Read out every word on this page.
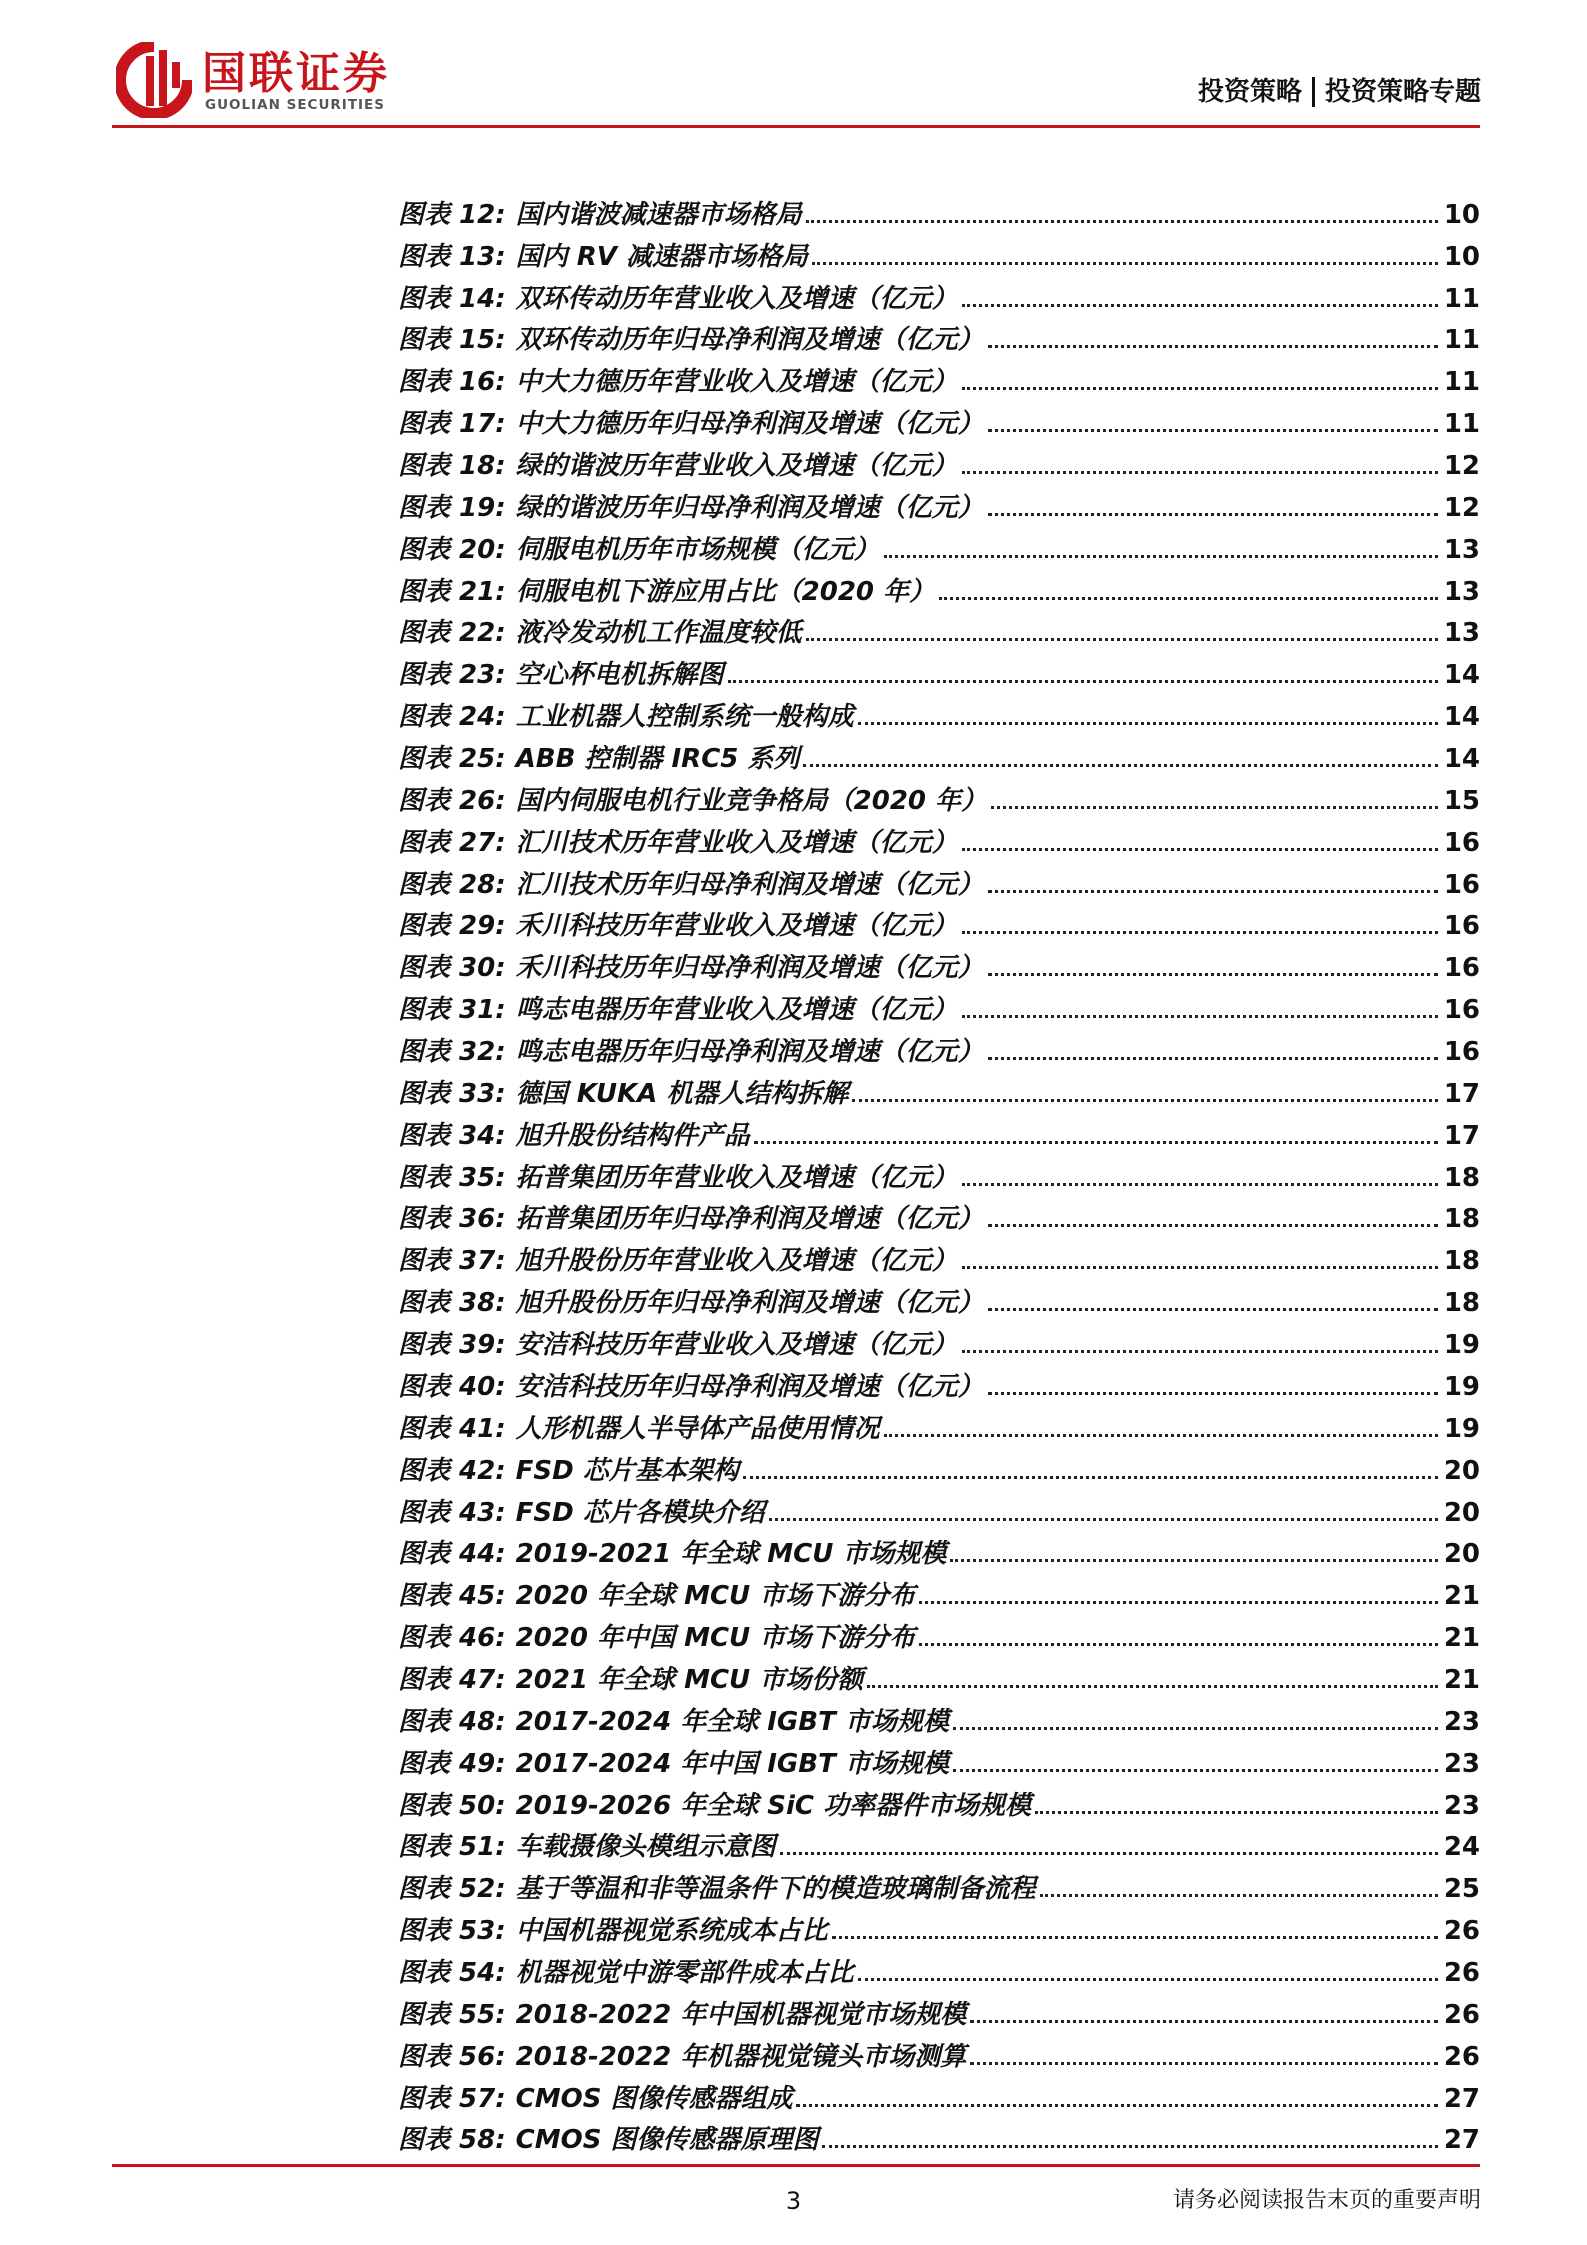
国联证券
GUOLIAN SECURITIES	投资策略 投资策略专题
图表 12: 国内谐波减速器市场格局	10
图表 13: 国内 RV 减速器市场格局	10
图表 14: 双环传动历年营业收入及增速（亿元）	11
图表 15: 双环传动历年归母净利润及增速（亿元）	11
图表 16: 中大力德历年营业收入及增速（亿元）	11
图表 17: 中大力德历年归母净利润及增速（亿元）	11
图表 18: 绿的谐波历年营业收入及增速（亿元）	12
图表 19: 绿的谐波历年归母净利润及增速（亿元）	12
图表 20: 伺服电机历年市场规模（亿元）	13
图表 21: 伺服电机下游应用占比（2020 年）	13
图表 22: 液冷发动机工作温度较低	13
图表 23: 空心杯电机拆解图	14
图表 24: 工业机器人控制系统一般构成	14
图表 25: ABB 控制器 IRC5 系列	14
图表 26: 国内伺服电机行业竞争格局（2020 年）	15
图表 27: 汇川技术历年营业收入及增速（亿元）	16
图表 28: 汇川技术历年归母净利润及增速（亿元）	16
图表 29: 禾川科技历年营业收入及增速（亿元）	16
图表 30: 禾川科技历年归母净利润及增速（亿元）	16
图表 31: 鸣志电器历年营业收入及增速（亿元）	16
图表 32: 鸣志电器历年归母净利润及增速（亿元）	16
图表 33: 德国 KUKA 机器人结构拆解	17
图表 34: 旭升股份结构件产品	17
图表 35: 拓普集团历年营业收入及增速（亿元）	18
图表 36: 拓普集团历年归母净利润及增速（亿元）	18
图表 37: 旭升股份历年营业收入及增速（亿元）	18
图表 38: 旭升股份历年归母净利润及增速（亿元）	18
图表 39: 安洁科技历年营业收入及增速（亿元）	19
图表 40: 安洁科技历年归母净利润及增速（亿元）	19
图表 41: 人形机器人半导体产品使用情况	19
图表 42: FSD 芯片基本架构	20
图表 43: FSD 芯片各模块介绍	20
图表 44: 2019-2021 年全球 MCU 市场规模	20
图表 45: 2020 年全球 MCU 市场下游分布	21
图表 46: 2020 年中国 MCU 市场下游分布	21
图表 47: 2021 年全球 MCU 市场份额	21
图表 48: 2017-2024 年全球 IGBT 市场规模	23
图表 49: 2017-2024 年中国 IGBT 市场规模	23
图表 50: 2019-2026 年全球 SiC 功率器件市场规模	23
图表 51: 车载摄像头模组示意图	24
图表 52: 基于等温和非等温条件下的模造玻璃制备流程	25
图表 53: 中国机器视觉系统成本占比	26
图表 54: 机器视觉中游零部件成本占比	26
图表 55: 2018-2022 年中国机器视觉市场规模	26
图表 56: 2018-2022 年机器视觉镜头市场测算	26
图表 57: CMOS 图像传感器组成	27
图表 58: CMOS 图像传感器原理图	27
3	请务必阅读报告末页的重要声明
